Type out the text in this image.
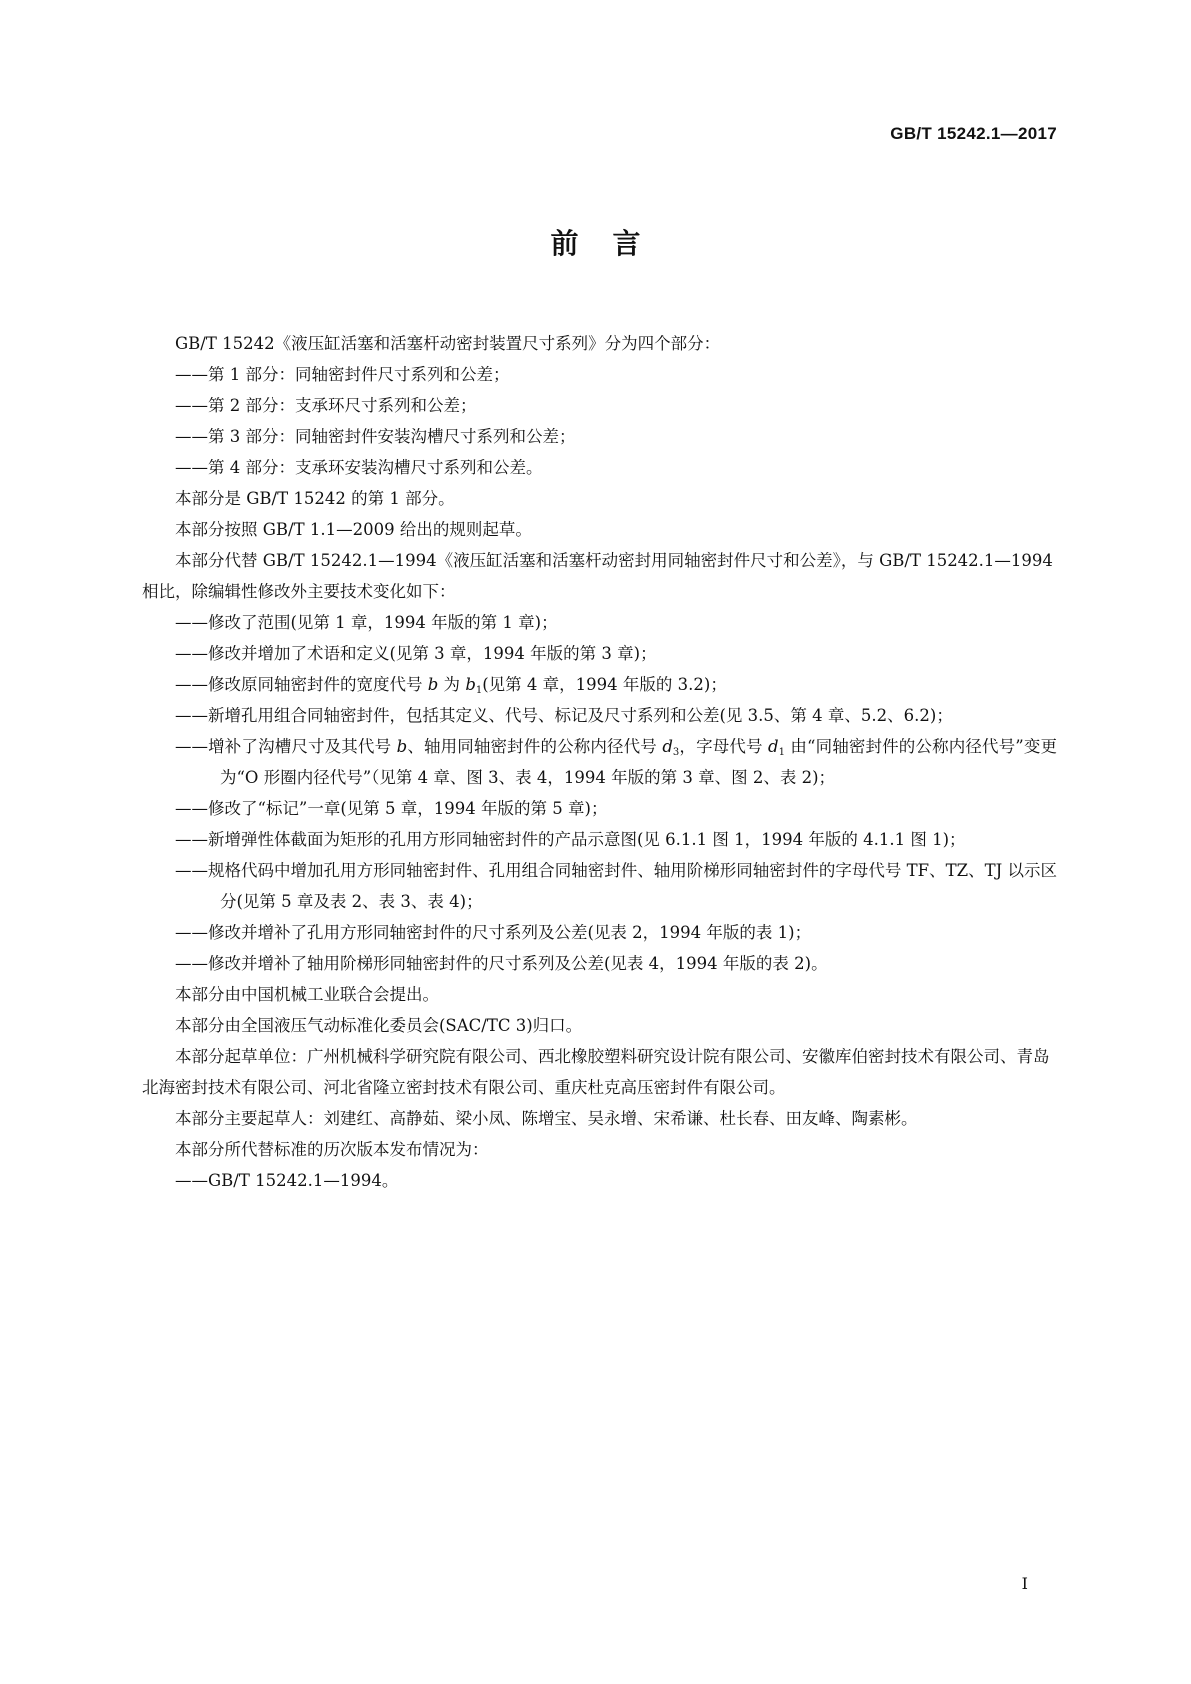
GB/T 15242.1—2017
前言

GB/T 15242《液压缸活塞和活塞杆动密封装置尺寸系列》分为四个部分：

——第 1 部分：同轴密封件尺寸系列和公差；

——第 2 部分：支承环尺寸系列和公差；

——第 3 部分：同轴密封件安装沟槽尺寸系列和公差；

——第 4 部分：支承环安装沟槽尺寸系列和公差。

本部分是 GB/T 15242 的第 1 部分。

本部分按照 GB/T 1.1—2009 给出的规则起草。

本部分代替 GB/T 15242.1—1994《液压缸活塞和活塞杆动密封用同轴密封件尺寸和公差》，与 GB/T 15242.1—1994 相比，除编辑性修改外主要技术变化如下：

——修改了范围(见第 1 章，1994 年版的第 1 章)；

——修改并增加了术语和定义(见第 3 章，1994 年版的第 3 章)；

——修改原同轴密封件的宽度代号 b 为 $b_1$(见第 4 章，1994 年版的 3.2)；

——新增孔用组合同轴密封件，包括其定义、代号、标记及尺寸系列和公差(见 3.5、第 4 章、5.2、6.2)；

——增补了沟槽尺寸及其代号 b、轴用同轴密封件的公称内径代号 $d_3$，字母代号 $d_1$ 由“同轴密封件的公称内径代号”变更为“O 形圈内径代号”（见第 4 章、图 3、表 4，1994 年版的第 3 章、图 2、表 2)；

——修改了“标记”一章(见第 5 章，1994 年版的第 5 章)；

——新增弹性体截面为矩形的孔用方形同轴密封件的产品示意图(见 6.1.1 图 1，1994 年版的 4.1.1 图 1)；

——规格代码中增加孔用方形同轴密封件、孔用组合同轴密封件、轴用阶梯形同轴密封件的字母代号 TF、TZ、TJ 以示区分(见第 5 章及表 2、表 3、表 4)；

——修改并增补了孔用方形同轴密封件的尺寸系列及公差(见表 2，1994 年版的表 1)；

——修改并增补了轴用阶梯形同轴密封件的尺寸系列及公差(见表 4，1994 年版的表 2)。

本部分由中国机械工业联合会提出。

本部分由全国液压气动标准化委员会(SAC/TC 3)归口。

本部分起草单位：广州机械科学研究院有限公司、西北橡胶塑料研究设计院有限公司、安徽库伯密封技术有限公司、青岛北海密封技术有限公司、河北省隆立密封技术有限公司、重庆杜克高压密封件有限公司。

本部分主要起草人：刘建红、高静茹、梁小凤、陈增宝、吴永增、宋希谦、杜长春、田友峰、陶素彬。

本部分所代替标准的历次版本发布情况为：

——GB/T 15242.1—1994。

I
